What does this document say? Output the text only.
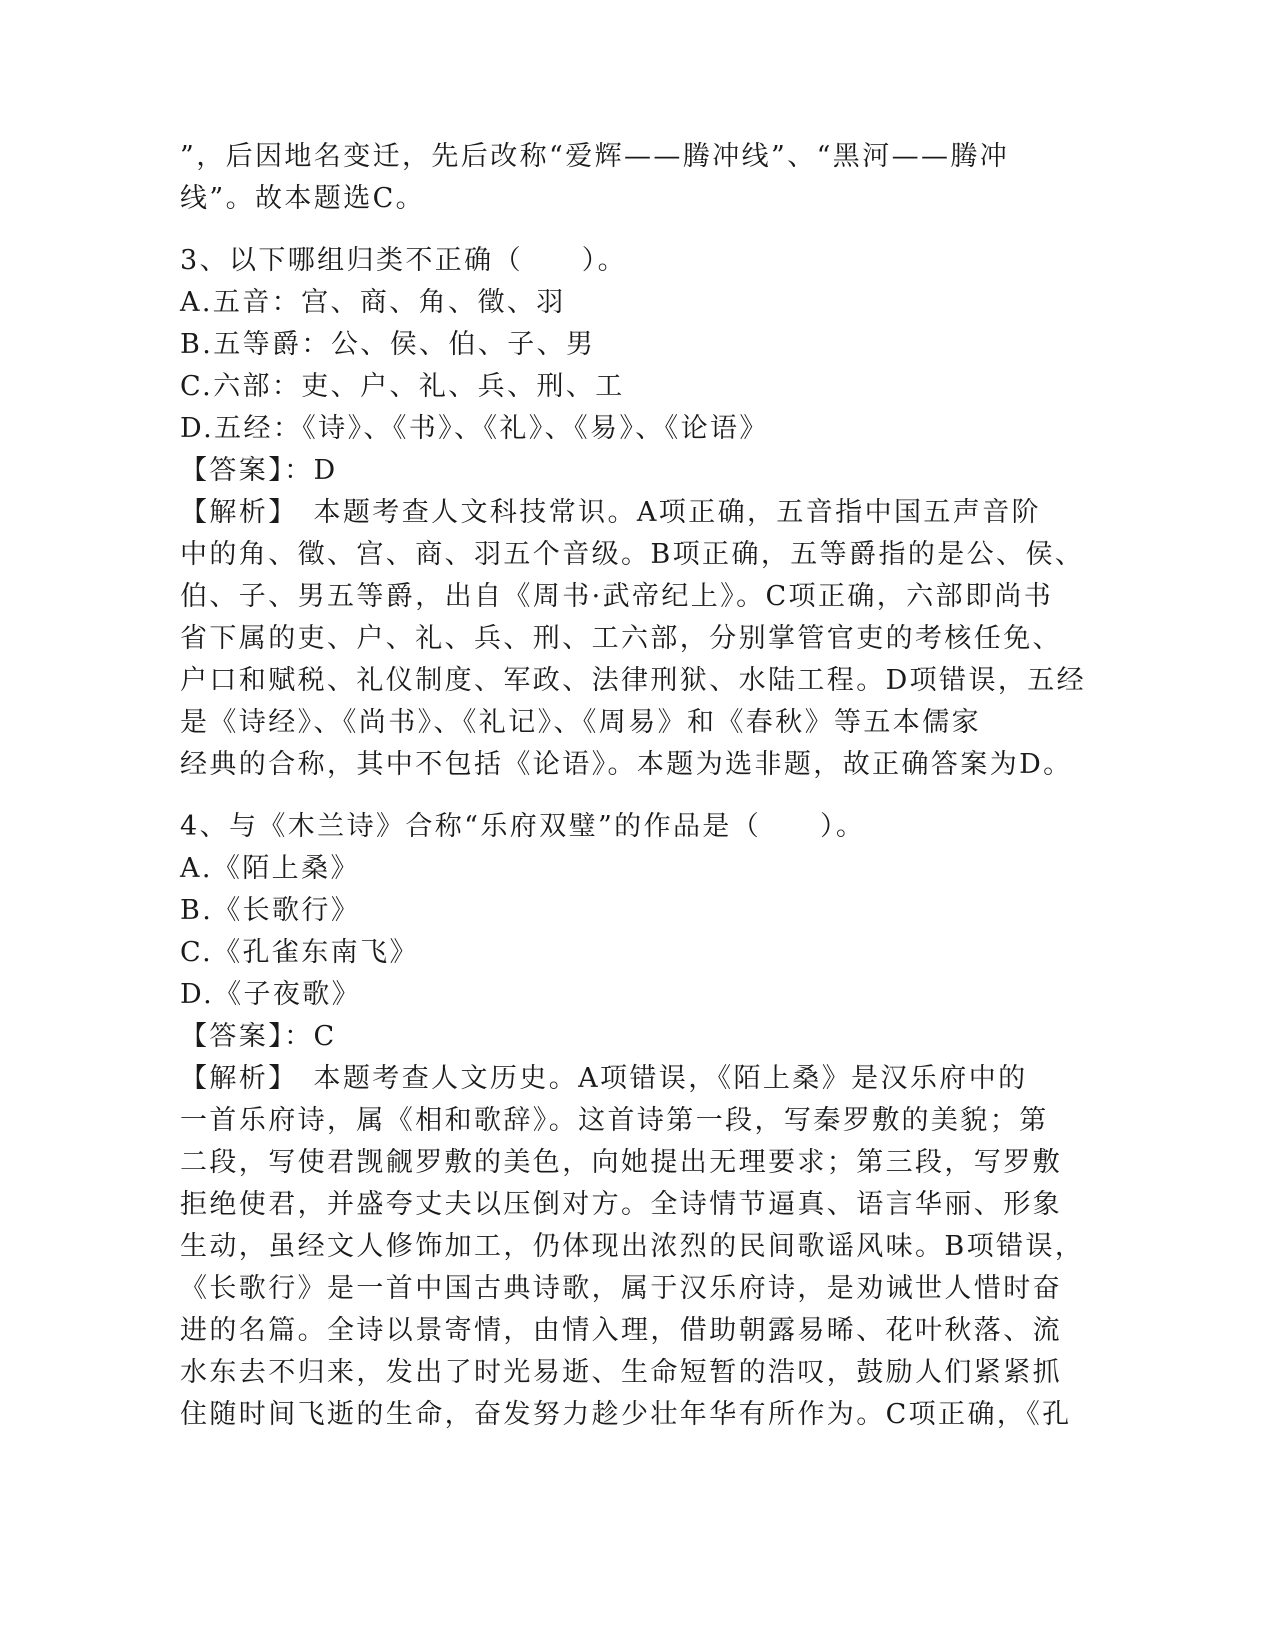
”，后因地名变迁，先后改称“爱辉——腾冲线”、“黑河——腾冲
线”。故本题选C。
3、以下哪组归类不正确（　　）。
A.五音：宫、商、角、徵、羽
B.五等爵：公、侯、伯、子、男
C.六部：吏、户、礼、兵、刑、工
D.五经：《诗》、《书》、《礼》、《易》、《论语》
【答案】：D
【解析】　本题考查人文科技常识。A项正确，五音指中国五声音阶
中的角、徵、宫、商、羽五个音级。B项正确，五等爵指的是公、侯、
伯、子、男五等爵，出自《周书·武帝纪上》。C项正确，六部即尚书
省下属的吏、户、礼、兵、刑、工六部，分别掌管官吏的考核任免、
户口和赋税、礼仪制度、军政、法律刑狱、水陆工程。D项错误，五经
是《诗经》、《尚书》、《礼记》、《周易》和《春秋》等五本儒家
经典的合称，其中不包括《论语》。本题为选非题，故正确答案为D。
4、与《木兰诗》合称“乐府双璧”的作品是（　　）。
A.《陌上桑》
B.《长歌行》
C.《孔雀东南飞》
D.《子夜歌》
【答案】：C
【解析】　本题考查人文历史。A项错误，《陌上桑》是汉乐府中的
一首乐府诗，属《相和歌辞》。这首诗第一段，写秦罗敷的美貌；第
二段，写使君觊觎罗敷的美色，向她提出无理要求；第三段，写罗敷
拒绝使君，并盛夸丈夫以压倒对方。全诗情节逼真、语言华丽、形象
生动，虽经文人修饰加工，仍体现出浓烈的民间歌谣风味。B项错误，
《长歌行》是一首中国古典诗歌，属于汉乐府诗，是劝诫世人惜时奋
进的名篇。全诗以景寄情，由情入理，借助朝露易晞、花叶秋落、流
水东去不归来，发出了时光易逝、生命短暂的浩叹，鼓励人们紧紧抓
住随时间飞逝的生命，奋发努力趁少壮年华有所作为。C项正确，《孔
